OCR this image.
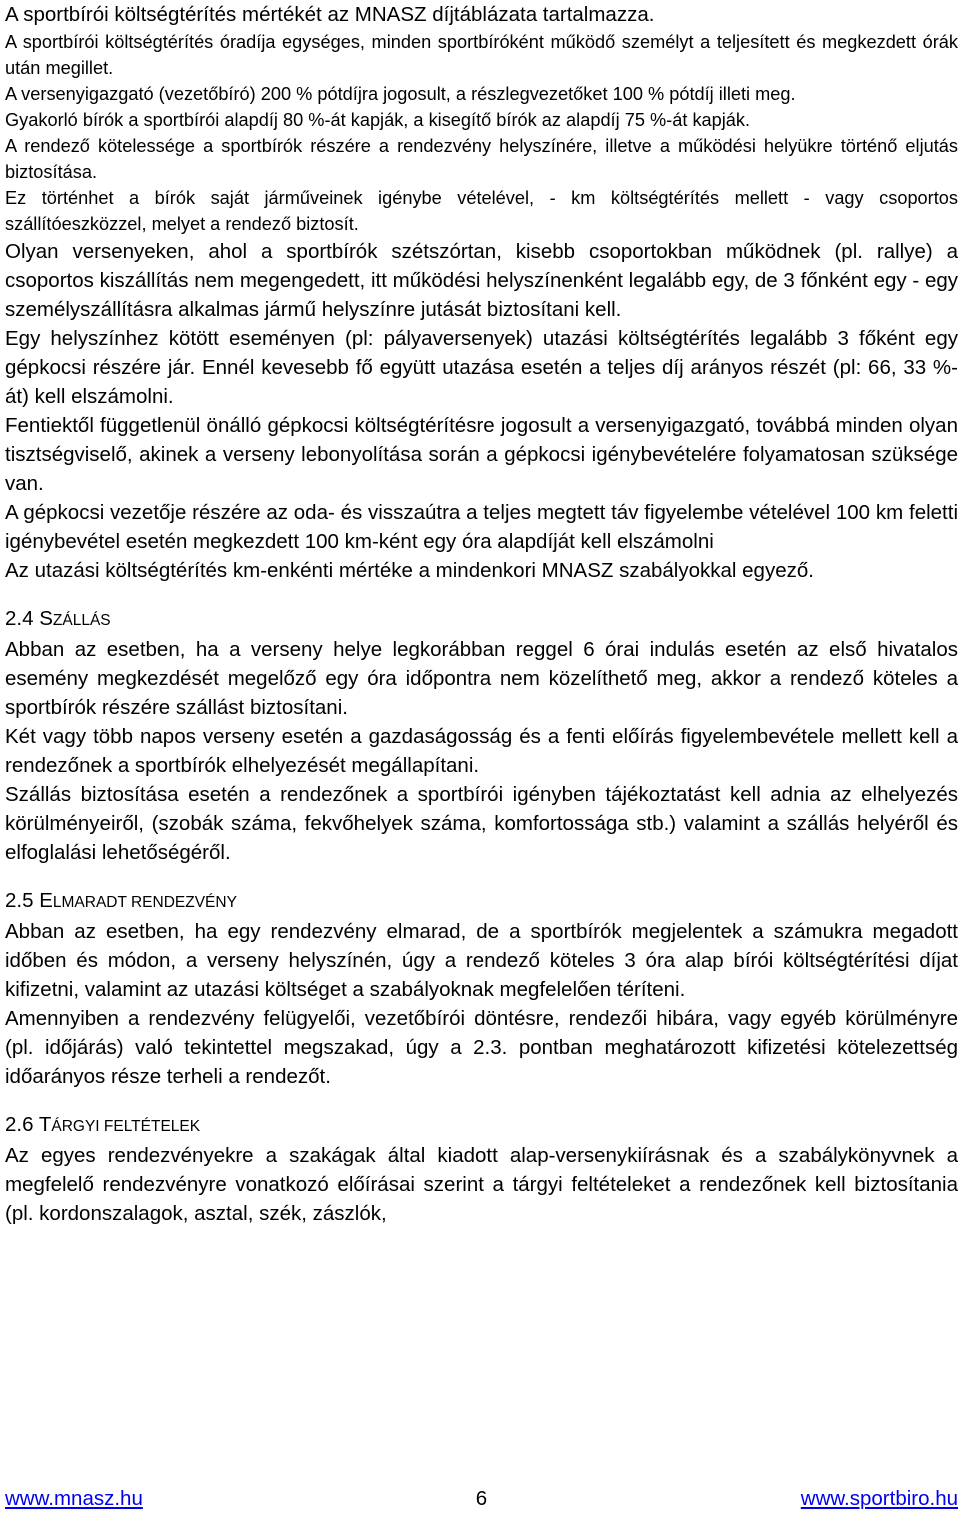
A sportbírói költségtérítés mértékét az MNASZ díjtáblázata tartalmazza.

A sportbírói költségtérítés óradíja egységes, minden sportbíróként működő személyt a teljesített és megkezdett órák után megillet.

A versenyigazgató (vezetőbíró) 200 % pótdíjra jogosult, a részlegvezetőket 100 % pótdíj illeti meg.

Gyakorló bírók a sportbírói alapdíj 80 %-át kapják, a kisegítő bírók az alapdíj 75 %-át kapják.

A rendező kötelessége a sportbírók részére a rendezvény helyszínére, illetve a működési helyükre történő eljutás biztosítása.

Ez történhet a bírók saját járműveinek igénybe vételével, - km költségtérítés mellett - vagy csoportos szállítóeszközzel, melyet a rendező biztosít.

Olyan versenyeken, ahol a sportbírók szétszórtan, kisebb csoportokban működnek (pl. rallye) a csoportos kiszállítás nem megengedett, itt működési helyszínenként legalább egy, de 3 főnként egy - egy személyszállításra alkalmas jármű helyszínre jutását biztosítani kell.

Egy helyszínhez kötött eseményen (pl: pályaversenyek) utazási költségtérítés legalább 3 főként egy gépkocsi részére jár. Ennél kevesebb fő együtt utazása esetén a teljes díj arányos részét (pl: 66, 33 %-át) kell elszámolni.

Fentiektől függetlenül önálló gépkocsi költségtérítésre jogosult a versenyigazgató, továbbá minden olyan tisztségviselő, akinek a verseny lebonyolítása során a gépkocsi igénybevételére folyamatosan szüksége van.

A gépkocsi vezetője részére az oda- és visszaútra a teljes megtett táv figyelembe vételével 100 km feletti igénybevétel esetén megkezdett 100 km-ként egy óra alapdíját kell elszámolni

Az utazási költségtérítés km-enkénti mértéke a mindenkori MNASZ szabályokkal egyező.

2.4 SZÁLLÁS

Abban az esetben, ha a verseny helye legkorábban reggel 6 órai indulás esetén az első hivatalos esemény megkezdését megelőző egy óra időpontra nem közelíthető meg, akkor a rendező köteles a sportbírók részére szállást biztosítani.

Két vagy több napos verseny esetén a gazdaságosság és a fenti előírás figyelembevétele mellett kell a rendezőnek a sportbírók elhelyezését megállapítani.

Szállás biztosítása esetén a rendezőnek a sportbírói igényben tájékoztatást kell adnia az elhelyezés körülményeiről, (szobák száma, fekvőhelyek száma, komfortossága stb.) valamint a szállás helyéről és elfoglalási lehetőségéről.

2.5 ELMARADT RENDEZVÉNY

Abban az esetben, ha egy rendezvény elmarad, de a sportbírók megjelentek a számukra megadott időben és módon, a verseny helyszínén, úgy a rendező köteles 3 óra alap bírói költségtérítési díjat kifizetni, valamint az utazási költséget a szabályoknak megfelelően téríteni.

Amennyiben a rendezvény felügyelői, vezetőbírói döntésre, rendezői hibára, vagy egyéb körülményre (pl. időjárás) való tekintettel megszakad, úgy a 2.3. pontban meghatározott kifizetési kötelezettség időarányos része terheli a rendezőt.

2.6 TÁRGYI FELTÉTELEK

Az egyes rendezvényekre a szakágak által kiadott alap-versenykiírásnak és a szabálykönyvnek a megfelelő rendezvényre vonatkozó előírásai szerint a tárgyi feltételeket a rendezőnek kell biztosítania (pl. kordonszalagok, asztal, szék, zászlók,

www.mnasz.hu	6	www.sportbiro.hu
